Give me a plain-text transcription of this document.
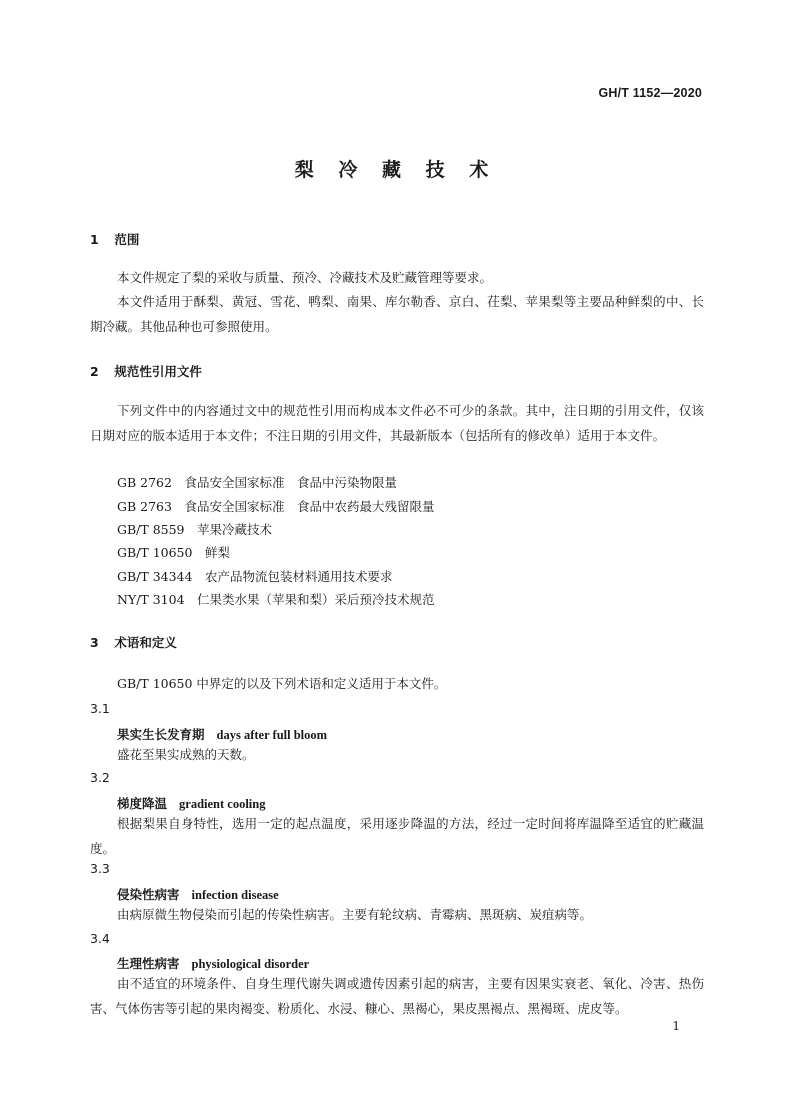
GH/T 1152—2020
梨 冷 藏 技 术
1 范围
本文件规定了梨的采收与质量、预冷、冷藏技术及贮藏管理等要求。
本文件适用于酥梨、黄冠、雪花、鸭梨、南果、库尔勒香、京白、茌梨、苹果梨等主要品种鲜梨的中、长期冷藏。其他品种也可参照使用。
2 规范性引用文件
下列文件中的内容通过文中的规范性引用而构成本文件必不可少的条款。其中，注日期的引用文件，仅该日期对应的版本适用于本文件；不注日期的引用文件，其最新版本（包括所有的修改单）适用于本文件。
GB 2762　食品安全国家标准　食品中污染物限量
GB 2763　食品安全国家标准　食品中农药最大残留限量
GB/T 8559　苹果冷藏技术
GB/T 10650　鲜梨
GB/T 34344　农产品物流包装材料通用技术要求
NY/T 3104　仁果类水果（苹果和梨）采后预冷技术规范
3 术语和定义
GB/T 10650 中界定的以及下列术语和定义适用于本文件。
3.1
果实生长发育期 days after full bloom
盛花至果实成熟的天数。
3.2
梯度降温 gradient cooling
根据梨果自身特性，选用一定的起点温度，采用逐步降温的方法，经过一定时间将库温降至适宜的贮藏温度。
3.3
侵染性病害 infection disease
由病原微生物侵染而引起的传染性病害。主要有轮纹病、青霉病、黑斑病、炭疽病等。
3.4
生理性病害 physiological disorder
由不适宜的环境条件、自身生理代谢失调或遗传因素引起的病害，主要有因果实衰老、氧化、冷害、热伤害、气体伤害等引起的果肉褐变、粉质化、水浸、糠心、黑褐心，果皮黑褐点、黑褐斑、虎皮等。
1
